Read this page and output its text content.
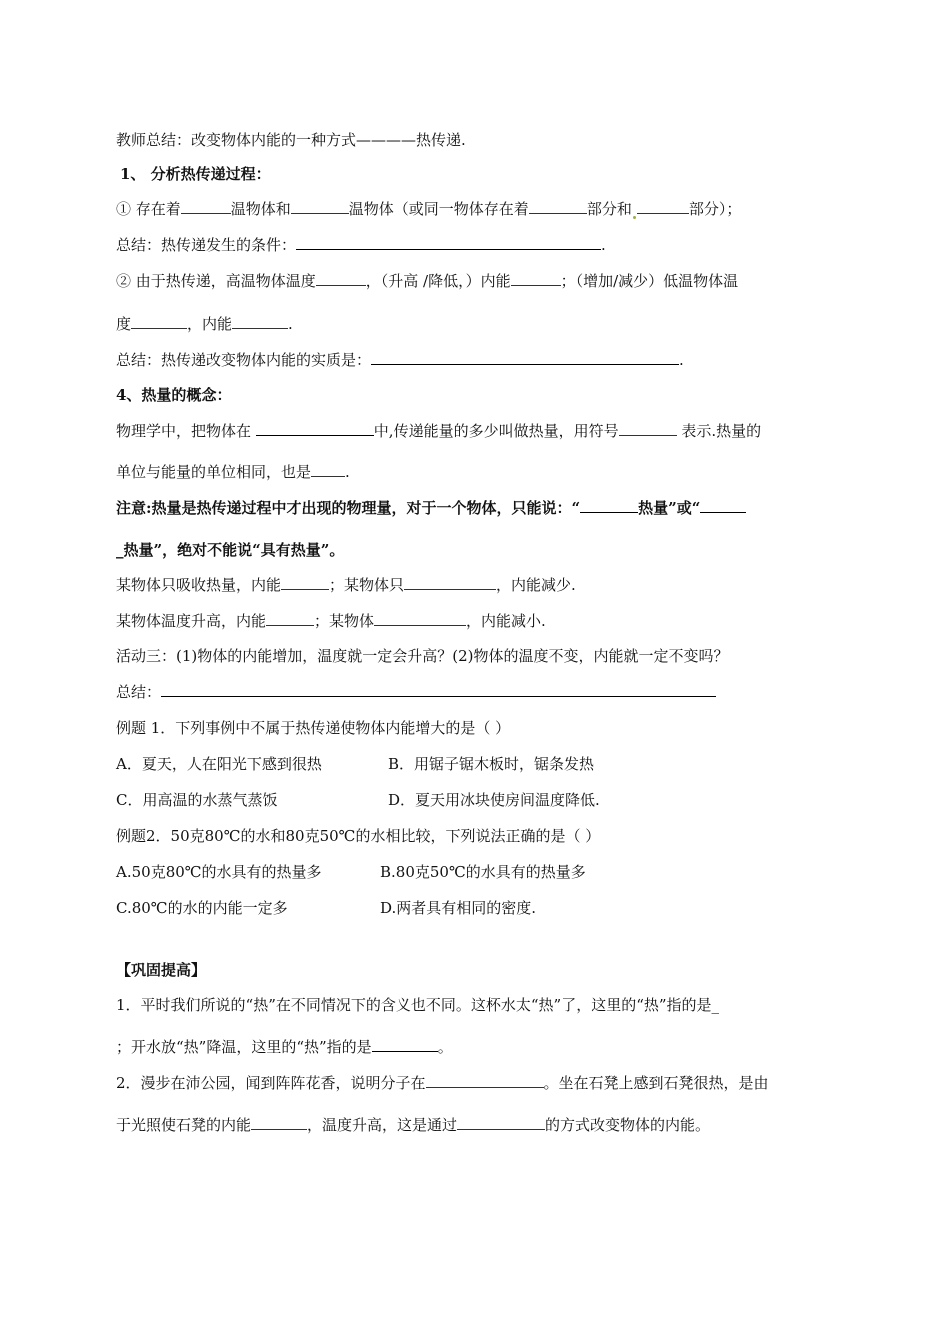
教师总结：改变物体内能的一种方式————热传递.
1、 分析热传递过程：
① 存在着	温物体和	温物体（或同一物体存在着	部分和	部分）；
总结：热传递发生的条件：	.
② 由于热传递，高温物体温度	，（升高 /降低，）内能	；（增加/减少）低温物体温
度	，内能	.
总结：热传递改变物体内能的实质是：	.
4、热量的概念：
物理学中，把物体在	中,传递能量的多少叫做热量，用符号	表示.热量的
单位与能量的单位相同，也是 .
注意:热量是热传递过程中才出现的物理量，对于一个物体，只能说：“	热量”或“
_热量”，绝对不能说“具有热量”。
某物体只吸收热量，内能	；某物体只	，内能减少.
某物体温度升高，内能	；某物体	，内能减小.
活动三：(1)物体的内能增加，温度就一定会升高？(2)物体的温度不变，内能就一定不变吗？
总结：
例题 1．下列事例中不属于热传递使物体内能增大的是（ ）
A．夏天，人在阳光下感到很热	B．用锯子锯木板时，锯条发热
C．用高温的水蒸气蒸饭	D．夏天用冰块使房间温度降低.
例题2．50克80℃的水和80克50℃的水相比较，下列说法正确的是（ ）
A.50克80℃的水具有的热量多	B.80克50℃的水具有的热量多
C.80℃的水的内能一定多	D.两者具有相同的密度.
【巩固提高】
1．平时我们所说的“热”在不同情况下的含义也不同。这杯水太“热”了，这里的“热”指的是_
；开水放“热”降温，这里的“热”指的是	。
2．漫步在沛公园，闻到阵阵花香，说明分子在	。坐在石凳上感到石凳很热，是由
于光照使石凳的内能	，温度升高，这是通过	的方式改变物体的内能。
